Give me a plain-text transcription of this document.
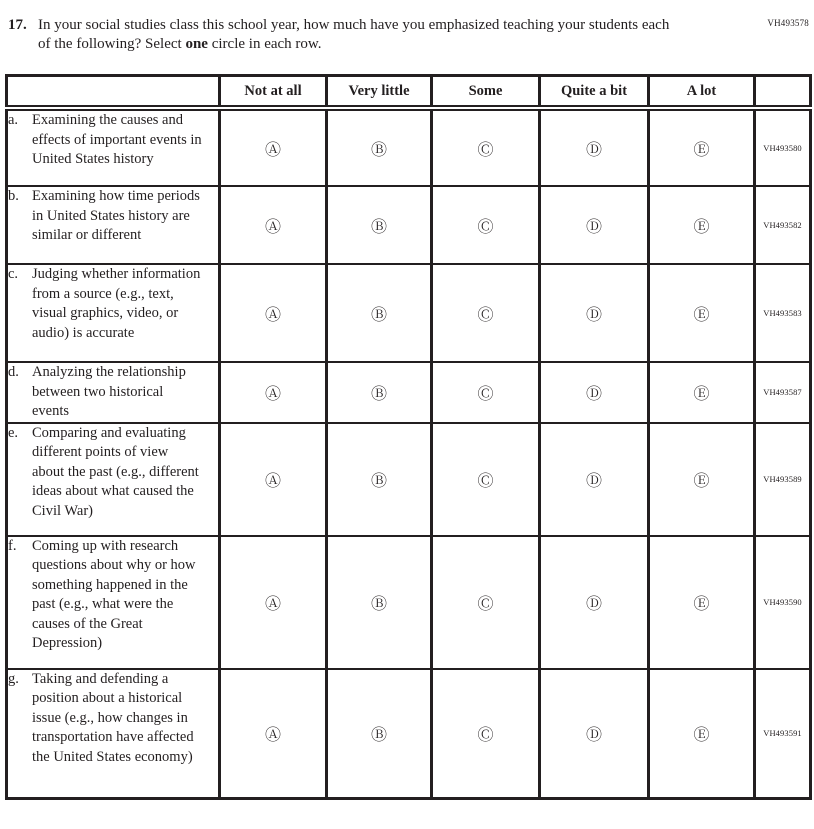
VH493578
17. In your social studies class this school year, how much have you emphasized teaching your students each of the following? Select one circle in each row.
	Not at all	Very little	Some	Quite a bit	A lot	

a. Examining the causes and effects of important events in United States history	Ⓐ	Ⓑ	Ⓒ	Ⓓ	Ⓔ	VH493580

b. Examining how time periods in United States history are similar or different	Ⓐ	Ⓑ	Ⓒ	Ⓓ	Ⓔ	VH493582

c. Judging whether information from a source (e.g., text, visual graphics, video, or audio) is accurate	Ⓐ	Ⓑ	Ⓒ	Ⓓ	Ⓔ	VH493583

d. Analyzing the relationship between two historical events	Ⓐ	Ⓑ	Ⓒ	Ⓓ	Ⓔ	VH493587

e. Comparing and evaluating different points of view about the past (e.g., different ideas about what caused the Civil War)	Ⓐ	Ⓑ	Ⓒ	Ⓓ	Ⓔ	VH493589

f. Coming up with research questions about why or how something happened in the past (e.g., what were the causes of the Great Depression)	Ⓐ	Ⓑ	Ⓒ	Ⓓ	Ⓔ	VH493590

g. Taking and defending a position about a historical issue (e.g., how changes in transportation have affected the United States economy)	Ⓐ	Ⓑ	Ⓒ	Ⓓ	Ⓔ	VH493591
